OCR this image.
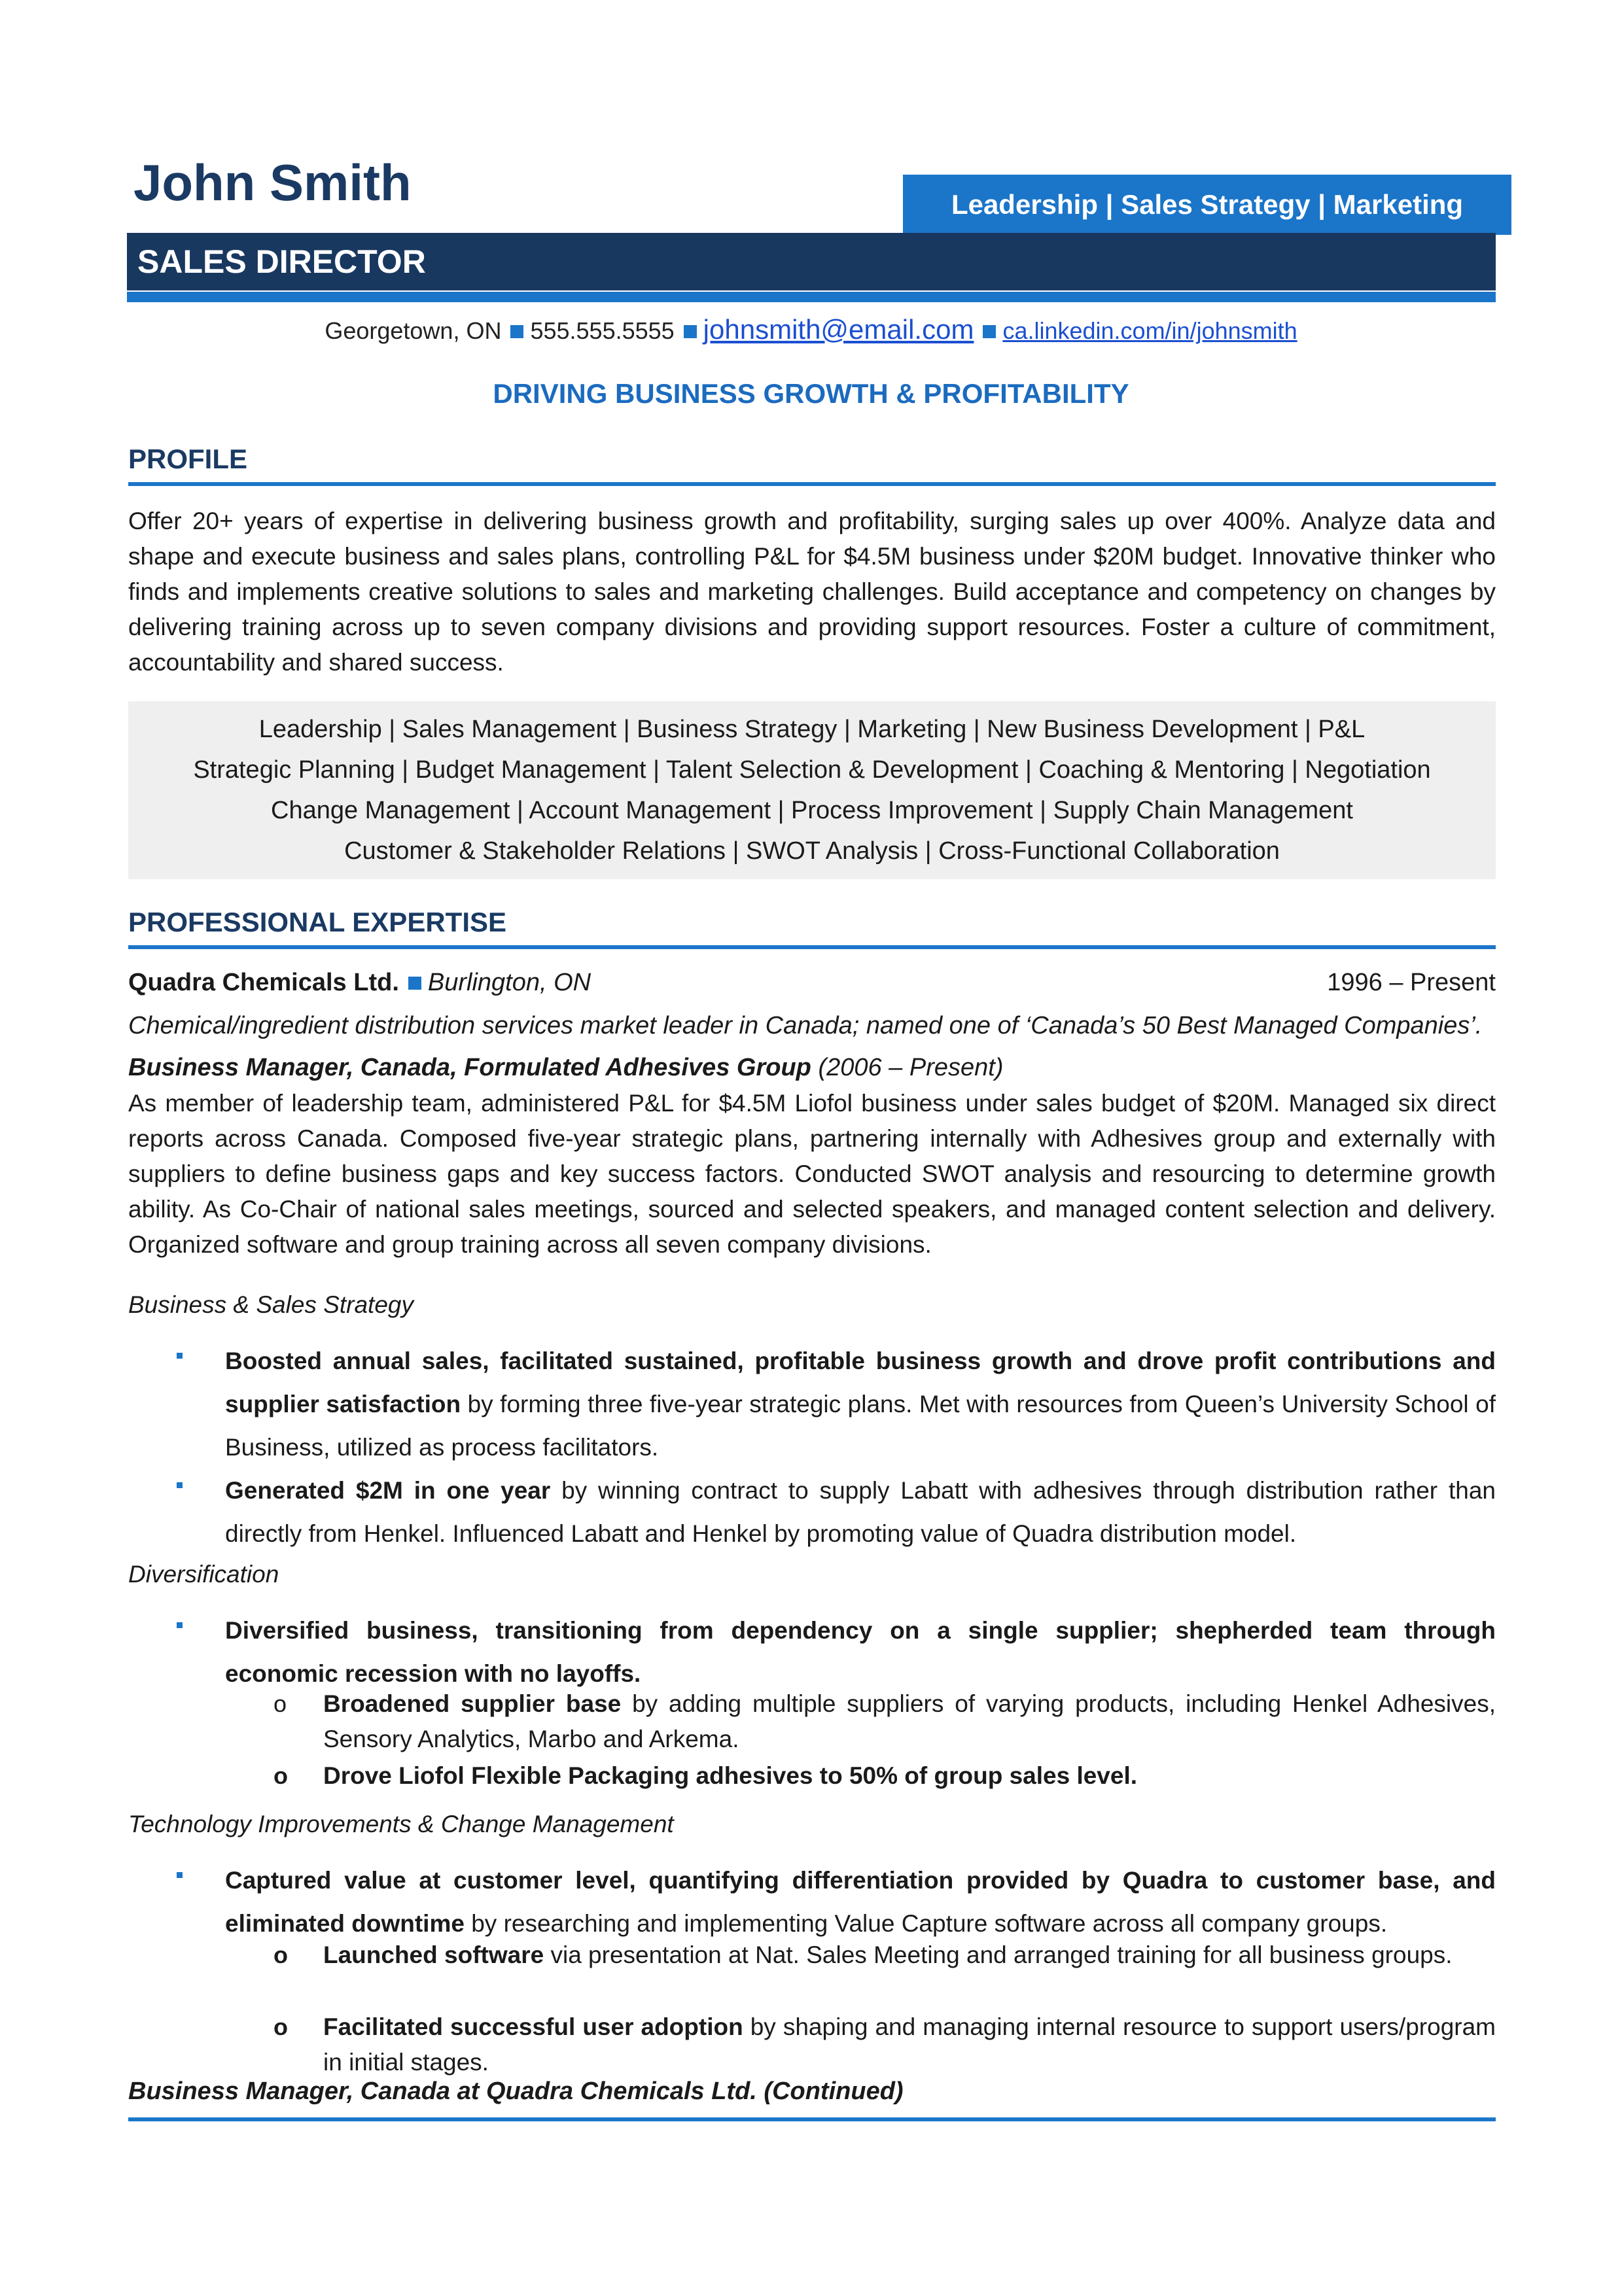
John Smith	Leadership | Sales Strategy | Marketing
SALES DIRECTOR
Georgetown, ON 555.555.5555 johnsmith@email.com ca.linkedin.com/in/johnsmith
DRIVING BUSINESS GROWTH & PROFITABILITY
PROFILE
Offer 20+ years of expertise in delivering business growth and profitability, surging sales up over 400%. Analyze data and shape and execute business and sales plans, controlling P&L for $4.5M business under $20M budget. Innovative thinker who finds and implements creative solutions to sales and marketing challenges. Build acceptance and competency on changes by delivering training across up to seven company divisions and providing support resources. Foster a culture of commitment, accountability and shared success.
Leadership | Sales Management | Business Strategy | Marketing | New Business Development | P&L
Strategic Planning | Budget Management | Talent Selection & Development | Coaching & Mentoring | Negotiation
Change Management | Account Management | Process Improvement | Supply Chain Management
Customer & Stakeholder Relations | SWOT Analysis | Cross-Functional Collaboration
PROFESSIONAL EXPERTISE
Quadra Chemicals Ltd. Burlington, ON	1996 – Present
Chemical/ingredient distribution services market leader in Canada; named one of ‘Canada’s 50 Best Managed Companies’.
Business Manager, Canada, Formulated Adhesives Group (2006 – Present)
As member of leadership team, administered P&L for $4.5M Liofol business under sales budget of $20M. Managed six direct reports across Canada. Composed five-year strategic plans, partnering internally with Adhesives group and externally with suppliers to define business gaps and key success factors. Conducted SWOT analysis and resourcing to determine growth ability. As Co-Chair of national sales meetings, sourced and selected speakers, and managed content selection and delivery. Organized software and group training across all seven company divisions.
Business & Sales Strategy
Boosted annual sales, facilitated sustained, profitable business growth and drove profit contributions and supplier satisfaction by forming three five-year strategic plans. Met with resources from Queen’s University School of Business, utilized as process facilitators.
Generated $2M in one year by winning contract to supply Labatt with adhesives through distribution rather than directly from Henkel. Influenced Labatt and Henkel by promoting value of Quadra distribution model.
Diversification
Diversified business, transitioning from dependency on a single supplier; shepherded team through economic recession with no layoffs.
o Broadened supplier base by adding multiple suppliers of varying products, including Henkel Adhesives, Sensory Analytics, Marbo and Arkema.
o Drove Liofol Flexible Packaging adhesives to 50% of group sales level.
Technology Improvements & Change Management
Captured value at customer level, quantifying differentiation provided by Quadra to customer base, and eliminated downtime by researching and implementing Value Capture software across all company groups.
o Launched software via presentation at Nat. Sales Meeting and arranged training for all business groups.
o Facilitated successful user adoption by shaping and managing internal resource to support users/program in initial stages.
Business Manager, Canada at Quadra Chemicals Ltd. (Continued)
